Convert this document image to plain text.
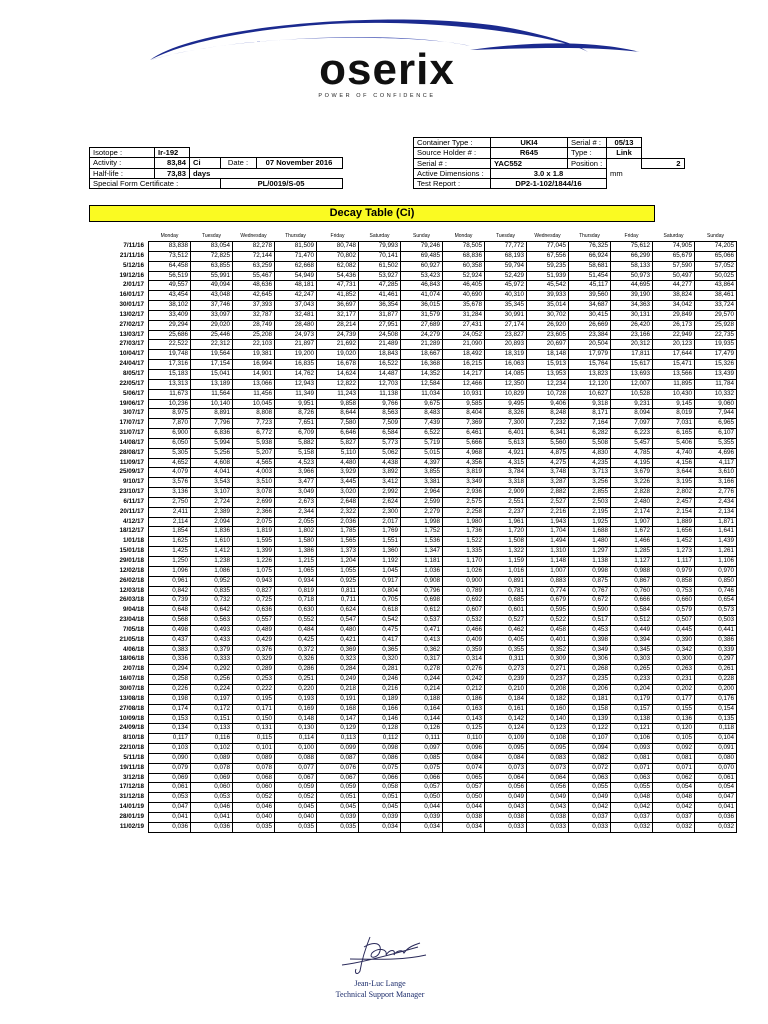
oserix
POWER OF CONFIDENCE
Isotope :	Ir-192			
Activity :	83,84	Ci	Date :	07 November 2016
Half-life :	73,83	days		
Special Form Certificate :			PL/0019/S-05	
Container Type :	UKI4	Serial # :	05/13	
Source Holder # :	R645	Type :	Link	
Serial # :	YAC552	Position :		2
Active Dimensions :	3.0 x 1.8		mm	
Test Report :	DP2-1-102/1844/16			
Decay Table (Ci)
	Monday	Tuesday	Wednesday	Thursday	Friday	Saturday	Sunday	Monday	Tuesday	Wednesday	Thursday	Friday	Saturday	Sunday
7/11/16	83,838	83,054	82,278	81,509	80,748	79,993	79,246	78,505	77,772	77,045	76,325	75,612	74,905	74,205
21/11/16	73,512	72,825	72,144	71,470	70,802	70,141	69,485	68,836	68,193	67,556	66,924	66,299	65,679	65,066
5/12/16	64,458	63,855	63,259	62,668	62,082	61,502	60,927	60,358	59,794	59,235	58,681	58,133	57,590	57,052
19/12/16	56,519	55,991	55,467	54,949	54,436	53,927	53,423	52,924	52,429	51,939	51,454	50,973	50,497	50,025
2/01/17	49,557	49,094	48,636	48,181	47,731	47,285	46,843	46,405	45,972	45,542	45,117	44,695	44,277	43,864
16/01/17	43,454	43,048	42,645	42,247	41,852	41,461	41,074	40,690	40,310	39,933	39,560	39,190	38,824	38,461
30/01/17	38,102	37,746	37,393	37,043	36,697	36,354	36,015	35,678	35,345	35,014	34,687	34,363	34,042	33,724
13/02/17	33,409	33,097	32,787	32,481	32,177	31,877	31,579	31,284	30,991	30,702	30,415	30,131	29,849	29,570
27/02/17	29,294	29,020	28,749	28,480	28,214	27,951	27,689	27,431	27,174	26,920	26,669	26,420	26,173	25,928
13/03/17	25,686	25,446	25,208	24,973	24,739	24,508	24,279	24,052	23,827	23,605	23,384	23,166	22,949	22,735
27/03/17	22,522	22,312	22,103	21,897	21,692	21,489	21,289	21,090	20,893	20,697	20,504	20,312	20,123	19,935
10/04/17	19,748	19,564	19,381	19,200	19,020	18,843	18,667	18,492	18,319	18,148	17,979	17,811	17,644	17,479
24/04/17	17,316	17,154	16,994	16,835	16,678	16,522	16,368	16,215	16,063	15,913	15,764	15,617	15,471	15,326
8/05/17	15,183	15,041	14,901	14,762	14,624	14,487	14,352	14,217	14,085	13,953	13,823	13,693	13,566	13,439
22/05/17	13,313	13,189	13,066	12,943	12,822	12,703	12,584	12,466	12,350	12,234	12,120	12,007	11,895	11,784
5/06/17	11,673	11,564	11,456	11,349	11,243	11,138	11,034	10,931	10,829	10,728	10,627	10,528	10,430	10,332
19/06/17	10,236	10,140	10,045	9,951	9,858	9,766	9,675	9,585	9,495	9,406	9,318	9,231	9,145	9,060
3/07/17	8,975	8,891	8,808	8,726	8,644	8,563	8,483	8,404	8,326	8,248	8,171	8,094	8,019	7,944
17/07/17	7,870	7,796	7,723	7,651	7,580	7,509	7,439	7,369	7,300	7,232	7,164	7,097	7,031	6,965
31/07/17	6,900	6,836	6,772	6,709	6,646	6,584	6,522	6,461	6,401	6,341	6,282	6,223	6,165	6,107
14/08/17	6,050	5,994	5,938	5,882	5,827	5,773	5,719	5,666	5,613	5,560	5,508	5,457	5,406	5,355
28/08/17	5,305	5,256	5,207	5,158	5,110	5,062	5,015	4,968	4,921	4,875	4,830	4,785	4,740	4,696
11/09/17	4,652	4,608	4,565	4,523	4,480	4,438	4,397	4,356	4,315	4,275	4,235	4,195	4,156	4,117
25/09/17	4,079	4,041	4,003	3,966	3,929	3,892	3,855	3,819	3,784	3,748	3,713	3,679	3,644	3,610
9/10/17	3,576	3,543	3,510	3,477	3,445	3,412	3,381	3,349	3,318	3,287	3,256	3,226	3,195	3,166
23/10/17	3,136	3,107	3,078	3,049	3,020	2,992	2,964	2,936	2,909	2,882	2,855	2,828	2,802	2,776
6/11/17	2,750	2,724	2,699	2,673	2,648	2,624	2,599	2,575	2,551	2,527	2,503	2,480	2,457	2,434
20/11/17	2,411	2,389	2,366	2,344	2,322	2,300	2,279	2,258	2,237	2,216	2,195	2,174	2,154	2,134
4/12/17	2,114	2,094	2,075	2,055	2,036	2,017	1,998	1,980	1,961	1,943	1,925	1,907	1,889	1,871
18/12/17	1,854	1,836	1,819	1,802	1,785	1,769	1,752	1,736	1,720	1,704	1,688	1,672	1,656	1,641
1/01/18	1,625	1,610	1,595	1,580	1,565	1,551	1,536	1,522	1,508	1,494	1,480	1,466	1,452	1,439
15/01/18	1,425	1,412	1,399	1,386	1,373	1,360	1,347	1,335	1,322	1,310	1,297	1,285	1,273	1,261
29/01/18	1,250	1,238	1,226	1,215	1,204	1,192	1,181	1,170	1,159	1,148	1,138	1,127	1,117	1,106
12/02/18	1,096	1,086	1,075	1,065	1,055	1,045	1,036	1,026	1,016	1,007	0,998	0,988	0,979	0,970
26/02/18	0,961	0,952	0,943	0,934	0,925	0,917	0,908	0,900	0,891	0,883	0,875	0,867	0,858	0,850
12/03/18	0,842	0,835	0,827	0,819	0,811	0,804	0,796	0,789	0,781	0,774	0,767	0,760	0,753	0,746
26/03/18	0,739	0,732	0,725	0,718	0,711	0,705	0,698	0,692	0,685	0,679	0,672	0,666	0,660	0,654
9/04/18	0,648	0,642	0,636	0,630	0,624	0,618	0,612	0,607	0,601	0,595	0,590	0,584	0,579	0,573
23/04/18	0,568	0,563	0,557	0,552	0,547	0,542	0,537	0,532	0,527	0,522	0,517	0,512	0,507	0,503
7/05/18	0,498	0,493	0,489	0,484	0,480	0,475	0,471	0,466	0,462	0,458	0,453	0,449	0,445	0,441
21/05/18	0,437	0,433	0,429	0,425	0,421	0,417	0,413	0,409	0,405	0,401	0,398	0,394	0,390	0,386
4/06/18	0,383	0,379	0,376	0,372	0,369	0,365	0,362	0,359	0,355	0,352	0,349	0,345	0,342	0,339
18/06/18	0,336	0,333	0,329	0,326	0,323	0,320	0,317	0,314	0,311	0,309	0,306	0,303	0,300	0,297
2/07/18	0,294	0,292	0,289	0,286	0,284	0,281	0,278	0,276	0,273	0,271	0,268	0,265	0,263	0,261
16/07/18	0,258	0,256	0,253	0,251	0,249	0,246	0,244	0,242	0,239	0,237	0,235	0,233	0,231	0,228
30/07/18	0,226	0,224	0,222	0,220	0,218	0,216	0,214	0,212	0,210	0,208	0,206	0,204	0,202	0,200
13/08/18	0,198	0,197	0,195	0,193	0,191	0,189	0,188	0,186	0,184	0,182	0,181	0,179	0,177	0,176
27/08/18	0,174	0,172	0,171	0,169	0,168	0,166	0,164	0,163	0,161	0,160	0,158	0,157	0,155	0,154
10/09/18	0,153	0,151	0,150	0,148	0,147	0,146	0,144	0,143	0,142	0,140	0,139	0,138	0,136	0,135
24/09/18	0,134	0,133	0,131	0,130	0,129	0,128	0,126	0,125	0,124	0,123	0,122	0,121	0,120	0,118
8/10/18	0,117	0,116	0,115	0,114	0,113	0,112	0,111	0,110	0,109	0,108	0,107	0,106	0,105	0,104
22/10/18	0,103	0,102	0,101	0,100	0,099	0,098	0,097	0,096	0,095	0,095	0,094	0,093	0,092	0,091
5/11/18	0,090	0,089	0,089	0,088	0,087	0,086	0,085	0,084	0,084	0,083	0,082	0,081	0,081	0,080
19/11/18	0,079	0,078	0,078	0,077	0,076	0,075	0,075	0,074	0,073	0,073	0,072	0,071	0,071	0,070
3/12/18	0,069	0,069	0,068	0,067	0,067	0,066	0,066	0,065	0,064	0,064	0,063	0,063	0,062	0,061
17/12/18	0,061	0,060	0,060	0,059	0,059	0,058	0,057	0,057	0,056	0,056	0,055	0,055	0,054	0,054
31/12/18	0,053	0,053	0,052	0,052	0,051	0,051	0,050	0,050	0,049	0,049	0,049	0,048	0,048	0,047
14/01/19	0,047	0,046	0,046	0,045	0,045	0,045	0,044	0,044	0,043	0,043	0,042	0,042	0,042	0,041
28/01/19	0,041	0,041	0,040	0,040	0,039	0,039	0,039	0,038	0,038	0,038	0,037	0,037	0,037	0,036
11/02/19	0,036	0,036	0,035	0,035	0,035	0,034	0,034	0,034	0,033	0,033	0,033	0,032	0,032	0,032
Jean-Luc Lange
Technical Support Manager
